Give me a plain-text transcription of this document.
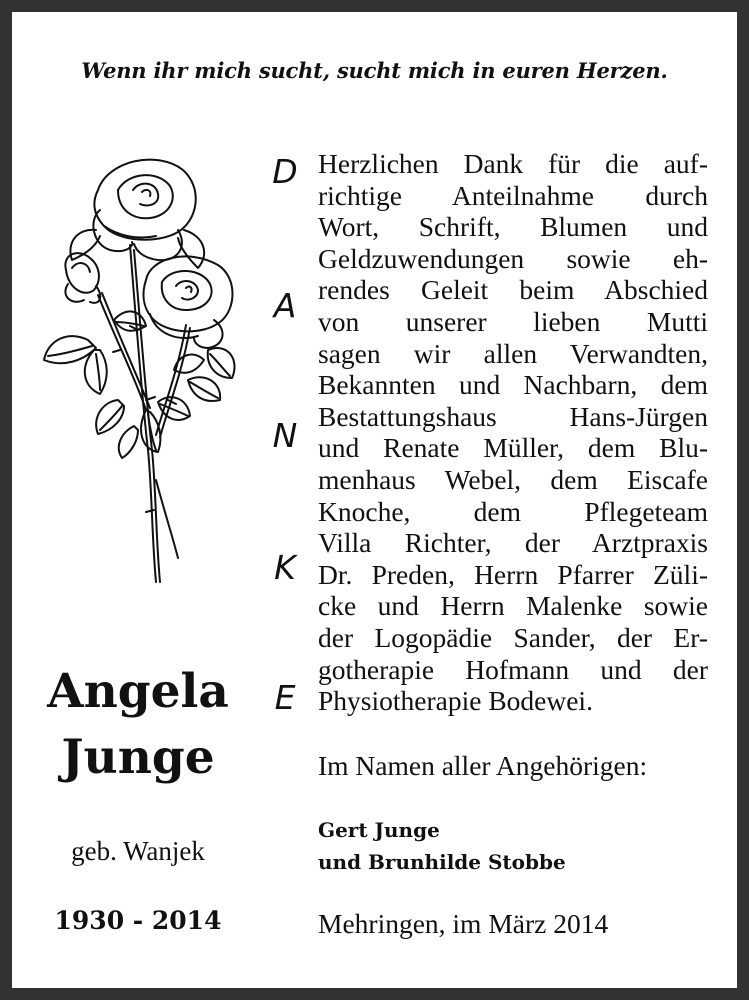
Wenn ihr mich sucht, sucht mich in euren Herzen.
Angela
Junge
geb. Wanjek
1930 - 2014
D
A
N
K
E
Herzlichen Dank für die auf-
richtige Anteilnahme durch
Wort, Schrift, Blumen und
Geldzuwendungen sowie eh-
rendes Geleit beim Abschied
von unserer lieben Mutti
sagen wir allen Verwandten,
Bekannten und Nachbarn, dem
Bestattungshaus Hans-Jürgen
und Renate Müller, dem Blu-
menhaus Webel, dem Eiscafe
Knoche, dem Pflegeteam
Villa Richter, der Arztpraxis
Dr. Preden, Herrn Pfarrer Züli-
cke und Herrn Malenke sowie
der Logopädie Sander, der Er-
gotherapie Hofmann und der
Physiotherapie Bodewei.
Im Namen aller Angehörigen:
Gert Junge
und Brunhilde Stobbe
Mehringen, im März 2014
